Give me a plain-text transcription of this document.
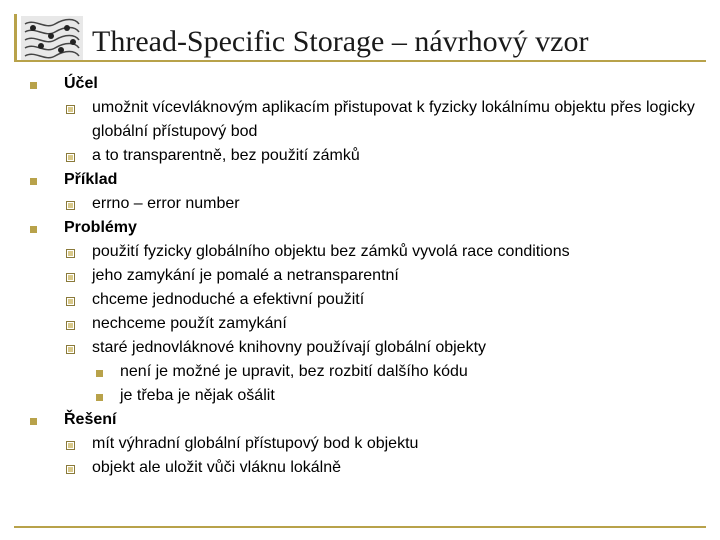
Thread-Specific Storage – návrhový vzor
Účel
umožnit vícevláknovým aplikacím přistupovat k fyzicky lokálnímu objektu přes logicky globální přístupový bod
a to transparentně, bez použití zámků
Příklad
errno – error number
Problémy
použití fyzicky globálního objektu bez zámků vyvolá race conditions
jeho zamykání je pomalé a netransparentní
chceme jednoduché a efektivní použití
nechceme použít zamykání
staré jednovláknové knihovny používají globální objekty
není je možné je upravit, bez rozbití dalšího kódu
je třeba je nějak ošálit
Řešení
mít výhradní globální přístupový bod k objektu
objekt ale uložit vůči vláknu lokálně
